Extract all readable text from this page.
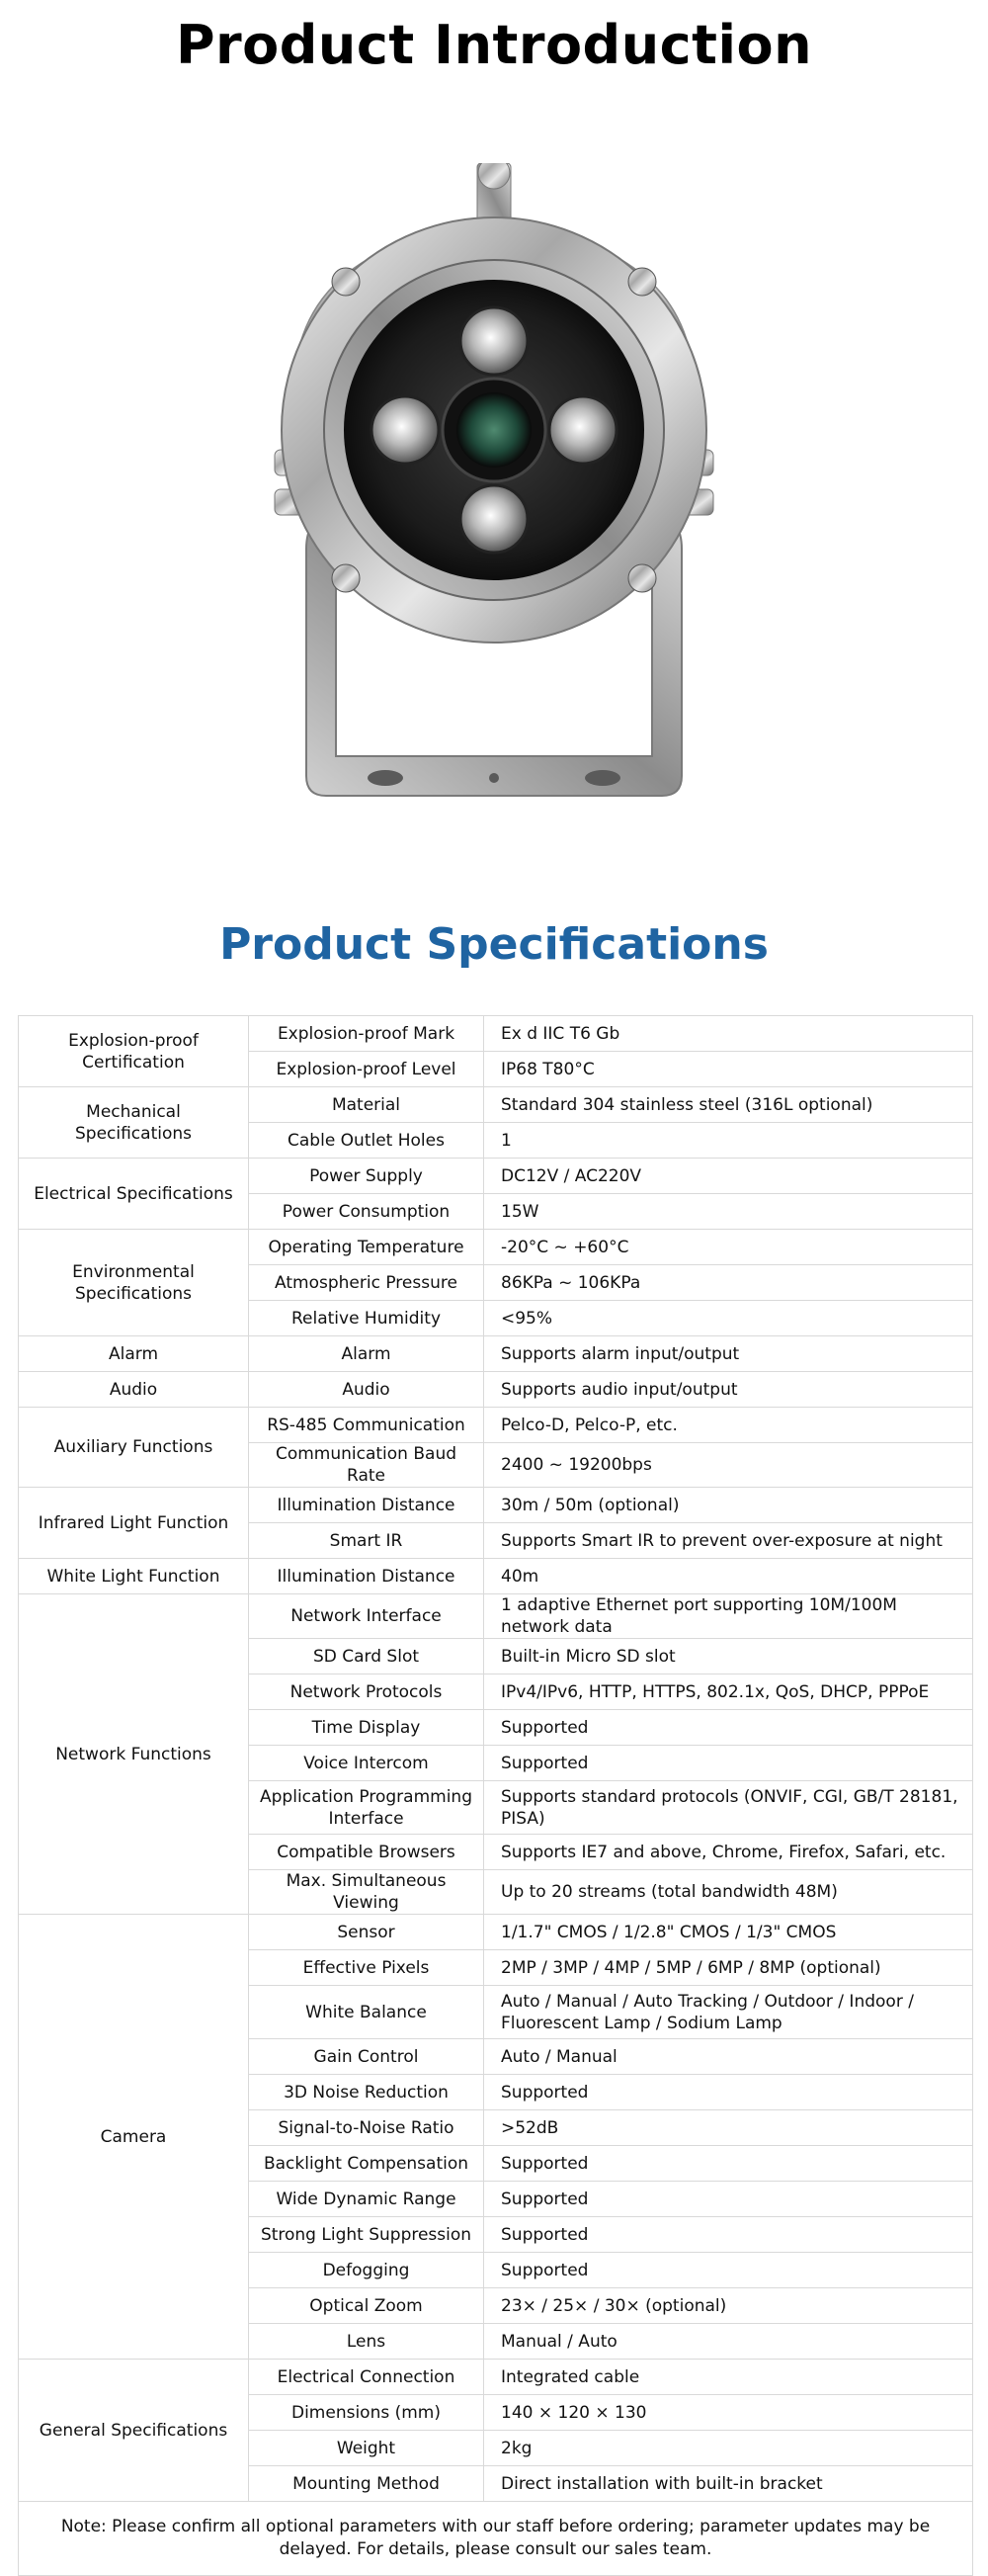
Product Introduction
Product Specifications
Explosion-proof Certification	Explosion-proof Mark	Ex d IIC T6 Gb
	Explosion-proof Level	IP68 T80°C
Mechanical Specifications	Material	Standard 304 stainless steel (316L optional)
	Cable Outlet Holes	1
Electrical Specifications	Power Supply	DC12V / AC220V
	Power Consumption	15W
Environmental Specifications	Operating Temperature	-20°C ~ +60°C
	Atmospheric Pressure	86KPa ~ 106KPa
	Relative Humidity	<95%
Alarm	Alarm	Supports alarm input/output
Audio	Audio	Supports audio input/output
Auxiliary Functions	RS-485 Communication	Pelco-D, Pelco-P, etc.
	Communication Baud Rate	2400 ~ 19200bps
Infrared Light Function	Illumination Distance	30m / 50m (optional)
	Smart IR	Supports Smart IR to prevent over-exposure at night
White Light Function	Illumination Distance	40m
Network Functions	Network Interface	1 adaptive Ethernet port supporting 10M/100M network data
	SD Card Slot	Built-in Micro SD slot
	Network Protocols	IPv4/IPv6, HTTP, HTTPS, 802.1x, QoS, DHCP, PPPoE
	Time Display	Supported
	Voice Intercom	Supported
	Application Programming Interface	Supports standard protocols (ONVIF, CGI, GB/T 28181, PISA)
	Compatible Browsers	Supports IE7 and above, Chrome, Firefox, Safari, etc.
	Max. Simultaneous Viewing	Up to 20 streams (total bandwidth 48M)
Camera	Sensor	1/1.7" CMOS / 1/2.8" CMOS / 1/3" CMOS
	Effective Pixels	2MP / 3MP / 4MP / 5MP / 6MP / 8MP (optional)
	White Balance	Auto / Manual / Auto Tracking / Outdoor / Indoor / Fluorescent Lamp / Sodium Lamp
	Gain Control	Auto / Manual
	3D Noise Reduction	Supported
	Signal-to-Noise Ratio	>52dB
	Backlight Compensation	Supported
	Wide Dynamic Range	Supported
	Strong Light Suppression	Supported
	Defogging	Supported
	Optical Zoom	23× / 25× / 30× (optional)
	Lens	Manual / Auto
General Specifications	Electrical Connection	Integrated cable
	Dimensions (mm)	140 × 120 × 130
	Weight	2kg
	Mounting Method	Direct installation with built-in bracket
Note: Please confirm all optional parameters with our staff before ordering; parameter updates may be delayed. For details, please consult our sales team.		
